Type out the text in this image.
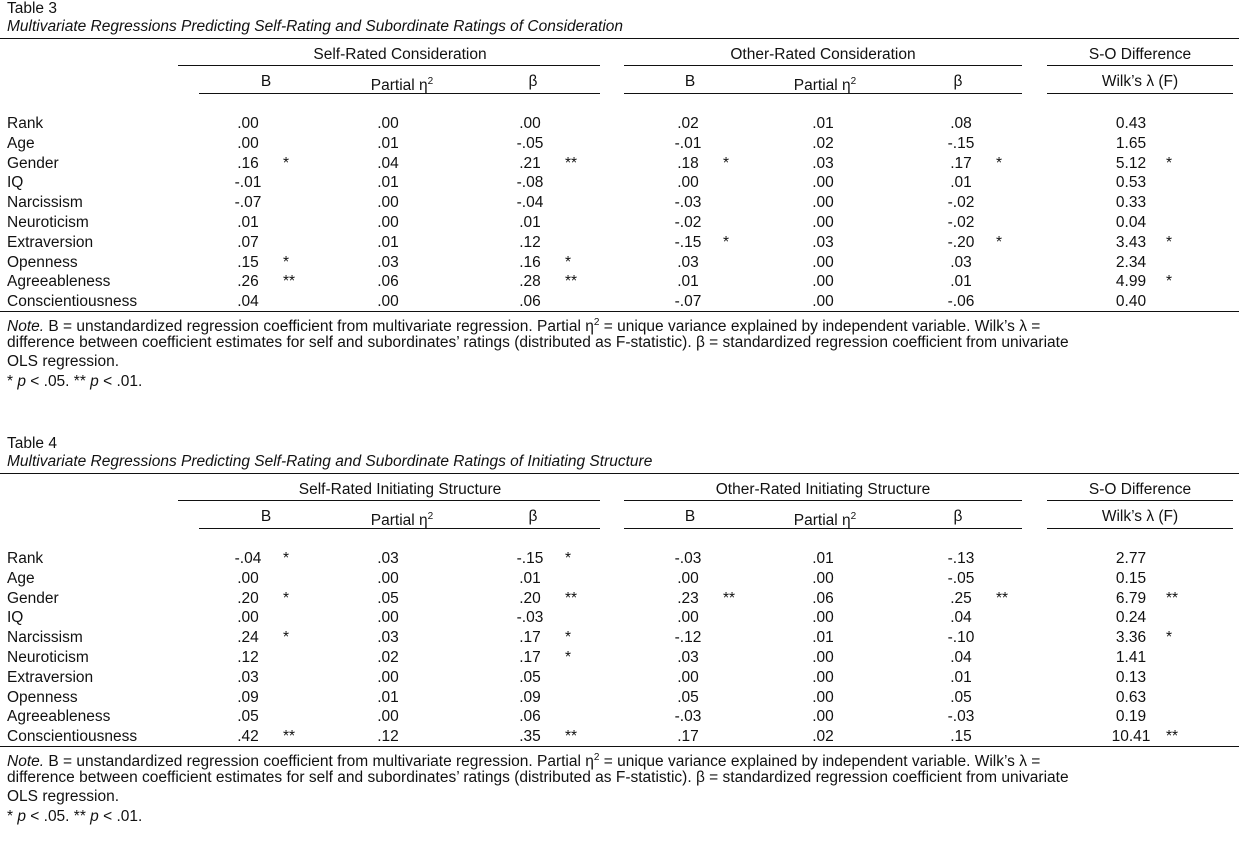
Table 3
Multivariate Regressions Predicting Self-Rating and Subordinate Ratings of Consideration
Self-Rated Consideration	Other-Rated Consideration	S-O Difference
B	Partial $\eta^2$	β	B	Partial $\eta^2$	β	Wilk’s λ (F)
Rank	.00	.00	.00	.02	.01	.08	0.43
Age	.00	.01	-.05	-.01	.02	-.15	1.65
Gender	.16 *	.04	.21 **	.18 *	.03	.17 *	5.12 *
IQ	-.01	.01	-.08	.00	.00	.01	0.53
Narcissism	-.07	.00	-.04	-.03	.00	-.02	0.33
Neuroticism	.01	.00	.01	-.02	.00	-.02	0.04
Extraversion	.07	.01	.12	-.15 *	.03	-.20 *	3.43 *
Openness	.15 *	.03	.16 *	.03	.00	.03	2.34
Agreeableness	.26 **	.06	.28 **	.01	.00	.01	4.99 *
Conscientiousness	.04	.00	.06	-.07	.00	-.06	0.40
Note. B = unstandardized regression coefficient from multivariate regression. Partial $\eta^2$ = unique variance explained by independent variable. Wilk’s λ =
difference between coefficient estimates for self and subordinates’ ratings (distributed as F-statistic). β = standardized regression coefficient from univariate
OLS regression.
* p < .05. ** p < .01.
Table 4
Multivariate Regressions Predicting Self-Rating and Subordinate Ratings of Initiating Structure
Self-Rated Initiating Structure	Other-Rated Initiating Structure	S-O Difference
B	Partial $\eta^2$	β	B	Partial $\eta^2$	β	Wilk’s λ (F)
Rank	-.04 *	.03	-.15 *	-.03	.01	-.13	2.77
Age	.00	.00	.01	.00	.00	-.05	0.15
Gender	.20 *	.05	.20 **	.23 **	.06	.25 **	6.79 **
IQ	.00	.00	-.03	.00	.00	.04	0.24
Narcissism	.24 *	.03	.17 *	-.12	.01	-.10	3.36 *
Neuroticism	.12	.02	.17 *	.03	.00	.04	1.41
Extraversion	.03	.00	.05	.00	.00	.01	0.13
Openness	.09	.01	.09	.05	.00	.05	0.63
Agreeableness	.05	.00	.06	-.03	.00	-.03	0.19
Conscientiousness	.42 **	.12	.35 **	.17	.02	.15	10.41 **
Note. B = unstandardized regression coefficient from multivariate regression. Partial $\eta^2$ = unique variance explained by independent variable. Wilk’s λ =
difference between coefficient estimates for self and subordinates’ ratings (distributed as F-statistic). β = standardized regression coefficient from univariate
OLS regression.
* p < .05. ** p < .01.
